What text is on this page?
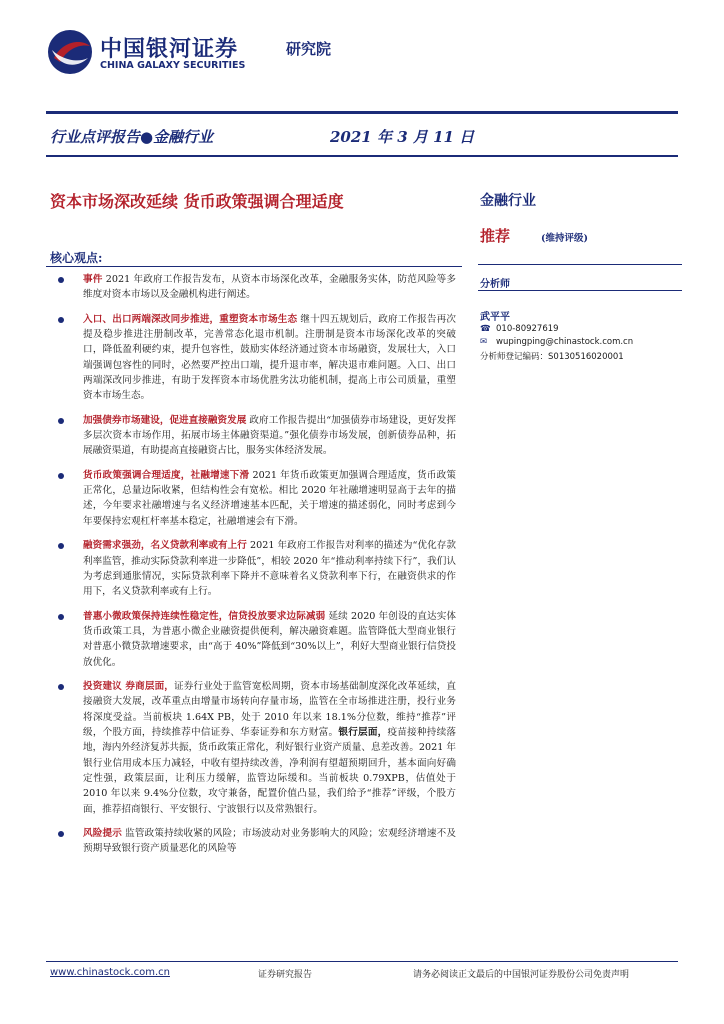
中国银河证券
CHINA GALAXY SECURITIES
研究院
行业点评报告●金融行业	2021 年 3 月 11 日
资本市场深改延续 货币政策强调合理适度
核心观点:
事件 2021 年政府工作报告发布，从资本市场深化改革，金融服务实体，防范风险等多维度对资本市场以及金融机构进行阐述。
入口、出口两端深改同步推进，重塑资本市场生态 继十四五规划后，政府工作报告再次提及稳步推进注册制改革，完善常态化退市机制。注册制是资本市场深化改革的突破口，降低盈利硬约束，提升包容性，鼓励实体经济通过资本市场融资，发展壮大，入口端强调包容性的同时，必然要严控出口端，提升退市率，解决退市难问题。入口、出口两端深改同步推进，有助于发挥资本市场优胜劣汰功能机制，提高上市公司质量，重塑资本市场生态。
加强债券市场建设，促进直接融资发展 政府工作报告提出“加强债券市场建设，更好发挥多层次资本市场作用，拓展市场主体融资渠道。”强化债券市场发展，创新债券品种，拓展融资渠道，有助提高直接融资占比，服务实体经济发展。
货币政策强调合理适度，社融增速下滑 2021 年货币政策更加强调合理适度，货币政策正常化，总量边际收紧，但结构性会有宽松。相比 2020 年社融增速明显高于去年的描述，今年要求社融增速与名义经济增速基本匹配，关于增速的描述弱化，同时考虑到今年要保持宏观杠杆率基本稳定，社融增速会有下滑。
融资需求强劲，名义贷款利率或有上行 2021 年政府工作报告对利率的描述为“优化存款利率监管，推动实际贷款利率进一步降低”，相较 2020 年“推动利率持续下行”，我们认为考虑到通胀情况，实际贷款利率下降并不意味着名义贷款利率下行，在融资供求的作用下，名义贷款利率或有上行。
普惠小微政策保持连续性稳定性，信贷投放要求边际减弱 延续 2020 年创设的直达实体货币政策工具，为普惠小微企业融资提供便利，解决融资难题。监管降低大型商业银行对普惠小微贷款增速要求，由“高于 40%”降低到“30%以上”，利好大型商业银行信贷投放优化。
投资建议 券商层面，证券行业处于监管宽松周期，资本市场基础制度深化改革延续，直接融资大发展，改革重点由增量市场转向存量市场，监管在全市场推进注册，投行业务将深度受益。当前板块 1.64X PB，处于 2010 年以来 18.1%分位数，维持“推荐”评级，个股方面，持续推荐中信证券、华泰证券和东方财富。银行层面，疫苗接种持续落地，海内外经济复苏共振，货币政策正常化，利好银行业资产质量、息差改善。2021 年银行业信用成本压力减轻，中收有望持续改善，净利润有望超预期回升，基本面向好确定性强，政策层面，让利压力缓解，监管边际缓和。当前板块 0.79XPB，估值处于 2010 年以来 9.4%分位数，攻守兼备，配置价值凸显，我们给予“推荐”评级，个股方面，推荐招商银行、平安银行、宁波银行以及常熟银行。
风险提示 监管政策持续收紧的风险；市场波动对业务影响大的风险；宏观经济增速不及预期导致银行资产质量恶化的风险等
金融行业
推荐	(维持评级)
分析师
武平平
☎ 010-80927619
✉ wupingping@chinastock.com.cn
分析师登记编码：S0130516020001
www.chinastock.com.cn	证券研究报告	请务必阅读正文最后的中国银河证券股份公司免责声明
